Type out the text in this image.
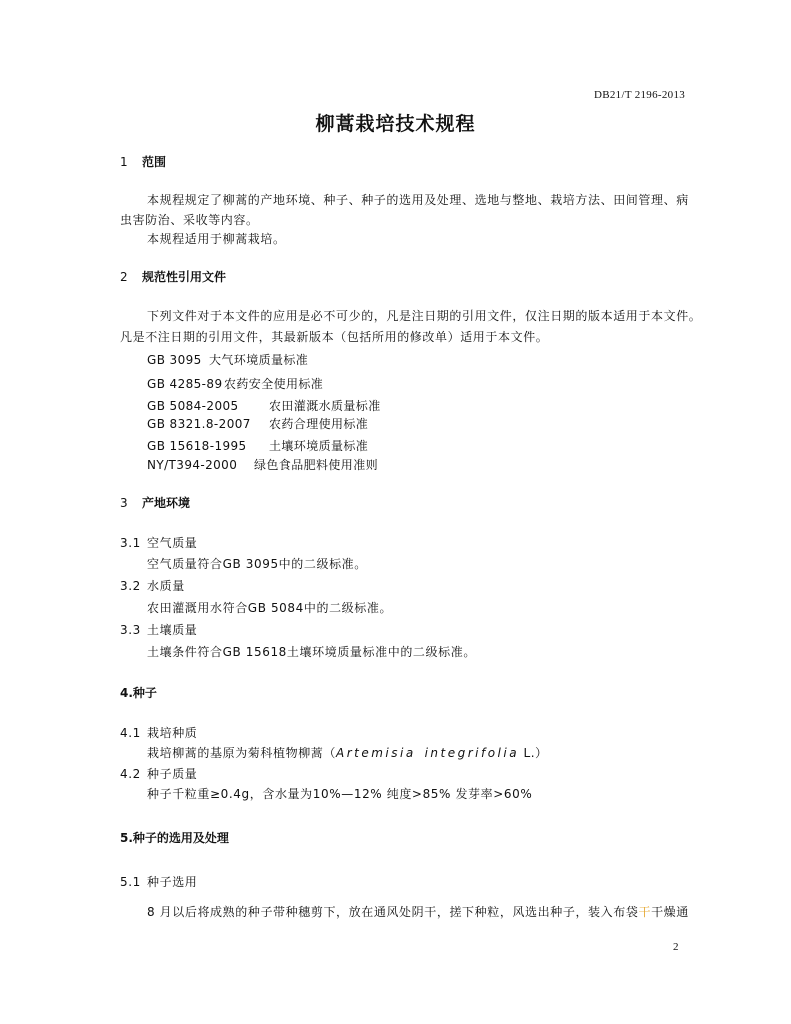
DB21/T 2196-2013
柳蒿栽培技术规程
1 范围
本规程规定了柳蒿的产地环境、种子、种子的选用及处理、选地与整地、栽培方法、田间管理、病
虫害防治、采收等内容。
本规程适用于柳蒿栽培。
2 规范性引用文件
下列文件对于本文件的应用是必不可少的，凡是注日期的引用文件，仅注日期的版本适用于本文件。
凡是不注日期的引用文件，其最新版本（包括所用的修改单）适用于本文件。
GB 3095 大气环境质量标准
GB 4285-89 农药安全使用标准
GB 5084-2005	农田灌溉水质量标准
GB 8321.8-2007 农药合理使用标准
GB 15618-1995 土壤环境质量标准
NY/T394-2000 绿色食品肥料使用准则
3 产地环境
3.1 空气质量
空气质量符合GB 3095中的二级标准。
3.2 水质量
农田灌溉用水符合GB 5084中的二级标准。
3.3 土壤质量
土壤条件符合GB 15618土壤环境质量标准中的二级标准。
4.种子
4.1 栽培种质
栽培柳蒿的基原为菊科植物柳蒿（Artemisia integrifolia L.）
4.2 种子质量
种子千粒重≥0.4g，含水量为10%—12% 纯度>85% 发芽率>60%
5.种子的选用及处理
5.1 种子选用
8 月以后将成熟的种子带种穗剪下，放在通风处阴干，搓下种粒，风选出种子，装入布袋干干燥通
2
